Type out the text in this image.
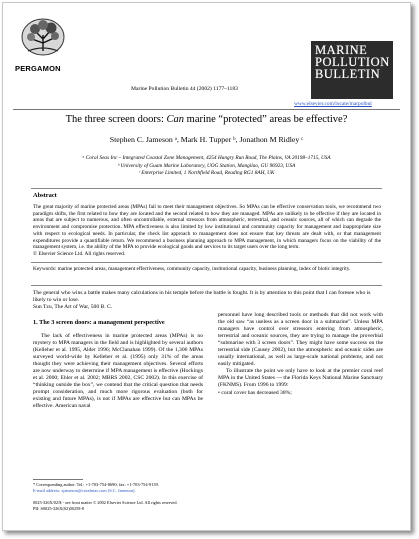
PERGAMON
Marine Pollution Bulletin 44 (2002) 1177–1183
MARINE
POLLUTION
BULLETIN
www.elsevier.com/locate/marpolbul
The three screen doors: Can marine “protected” areas be effective?
Stephen C. Jameson ᵃ, Mark H. Tupper ᵇ, Jonathon M Ridley ᶜ
ᵃ Coral Seas Inc – Integrated Coastal Zone Management, 4254 Hungry Run Road, The Plains, VA 20198–1715, USA
ᵇ University of Guam Marine Laboratory, UOG Station, Mangilao, GU 96923, USA
ᶜ Enterprise Limited, 1 Northfield Road, Reading RG1 8AH, UK
Abstract
The great majority of marine protected areas (MPAs) fail to meet their management objectives. So MPAs can be effective conservation tools, we recommend two paradigm shifts, the first related to how they are located and the second related to how they are managed. MPAs are unlikely to be effective if they are located in areas that are subject to numerous, and often uncontrollable, external stressors from atmospheric, terrestrial, and oceanic sources, all of which can degrade the environment and compromise protection. MPA effectiveness is also limited by low institutional and community capacity for management and inappropriate size with respect to ecological needs. In particular, the check list approach to management does not ensure that key threats are dealt with, or that management expenditures provide a quantifiable return. We recommend a business planning approach to MPA management, in which managers focus on the viability of the management system, i.e. the ability of the MPA to provide ecological goods and services to its target users over the long term.
© Elsevier Science Ltd. All rights reserved.
Keywords: marine protected areas, management effectiveness, community capacity, institutional capacity, business planning, index of biotic integrity.
The general who wins a battle makes many calculations in his temple before the battle is fought. It is by attention to this point that I can foresee who is likely to win or lose.
Sun Tzu, The Art of War, 500 B. C.
1. The 3 screen doors: a management perspective

The lack of effectiveness in marine protected areas (MPAs) is no mystery to MPA managers in the field and is highlighted by several authors (Kelleher et al. 1995, Alder 1996; McClanahan 1999). Of the 1,306 MPAs surveyed world-wide by Kelleher et al. (1995) only 31% of the areas thought they were achieving their management objectives. Several efforts are now underway to determine if MPA management is effective (Hockings et al. 2000; Ehler et al. 2002; MBRS 2002, CSC 2002). In this exercise of “thinking outside the box”, we contend that the critical question that needs prompt consideration, and much more rigorous evaluation (both for existing and future MPAs), is not if MPAs are effective but can MPAs be effective. American naval

personnel have long described tools or methods that did not work with the old saw “as useless as a screen door in a submarine”. Unless MPA managers have control over stressors entering from atmospheric, terrestrial and oceanic sources, they are trying to manage the proverbial “submarine with 3 screen doors”. They might have some success on the terrestrial side (Causey 2002), but the atmospheric and oceanic sides are usually international, as well as large-scale national problems, and not easily mitigated.

To illustrate the point we only have to look at the premier coral reef MPA in the United States — the Florida Keys National Marine Sanctuary (FKNMS). From 1996 to 1999:

• coral cover has decreased 38%;

* Corresponding author. Tel.: +1-703-754-8690; fax: +1-703-754-9139.
E-mail address: sjameson@coralseas.com (S.C. Jameson).
0025-326X/02/$ - see front matter © 2002 Elsevier Science Ltd. All rights reserved.
PII: S0025-326X(02)00258-8
